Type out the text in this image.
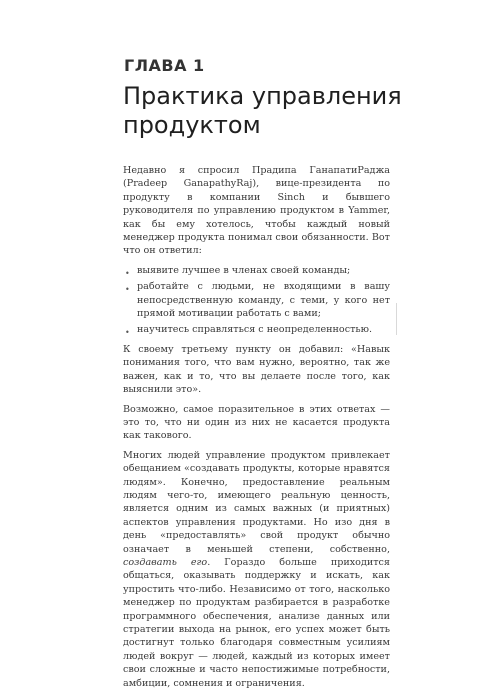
ГЛАВА 1
Практика управления
продуктом

Недавно я спросил Прадипа ГанапатиРаджа (Pradeep GanapathyRaj), вице-президента по продукту в компании Sinch и бывшего руководителя по управлению продуктом в Yammer, как бы ему хотелось, чтобы каждый новый менеджер продукта понимал свои обязанности. Вот что он ответил:

• выявите лучшее в членах своей команды;
• работайте с людьми, не входящими в вашу непосредственную команду, с теми, у кого нет прямой мотивации работать с вами;
• научитесь справляться с неопределенностью.

К своему третьему пункту он добавил: «Навык понимания того, что вам нужно, вероятно, так же важен, как и то, что вы делаете после того, как выяснили это».

Возможно, самое поразительное в этих ответах — это то, что ни один из них не касается продукта как такового.

Многих людей управление продуктом привлекает обещанием «создавать продукты, которые нравятся людям». Конечно, предоставление реальным людям чего-то, имеющего реальную ценность, является одним из самых важных (и приятных) аспектов управления продуктами. Но изо дня в день «предоставлять» свой продукт обычно означает в меньшей степени, собственно, создавать его. Гораздо больше приходится общаться, оказывать поддержку и искать, как упростить что-либо. Независимо от того, насколько менеджер по продуктам разбирается в разработке программного обеспечения, анализе данных или стратегии выхода на рынок, его успех может быть достигнут только благодаря совместным усилиям людей вокруг — людей, каждый из которых имеет свои сложные и часто непостижимые потребности, амбиции, сомнения и ограничения.
